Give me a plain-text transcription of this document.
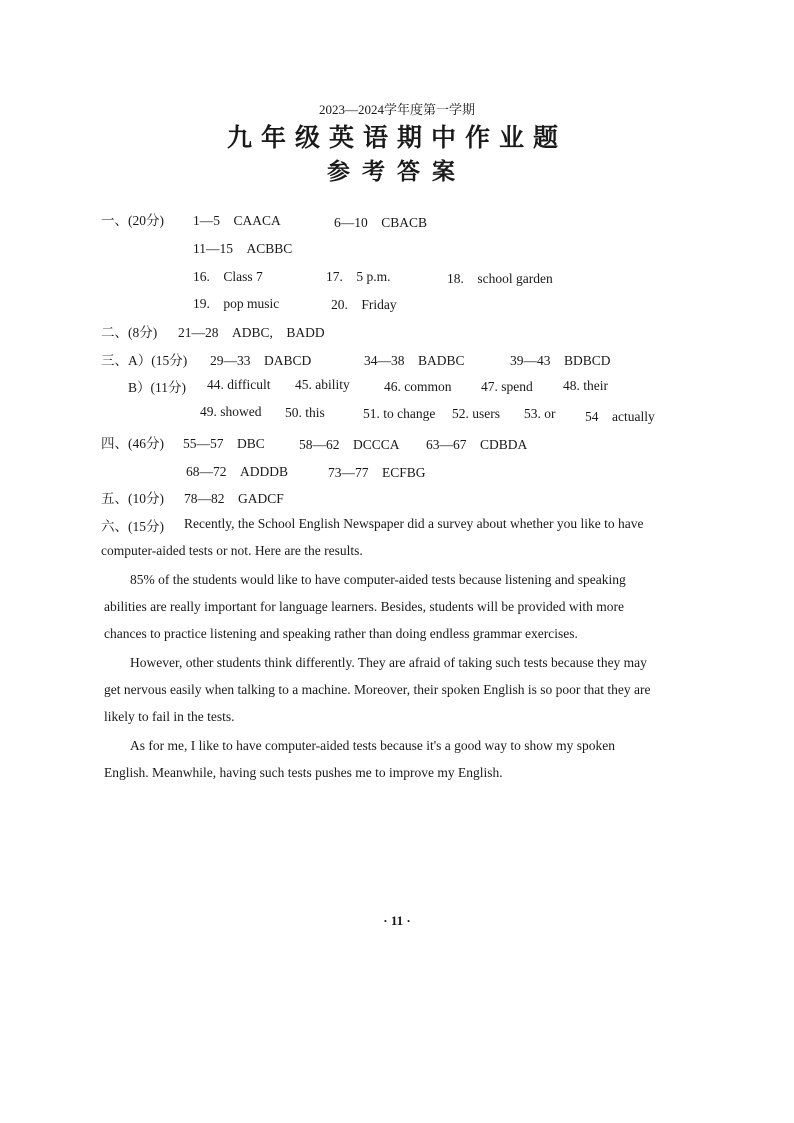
2023—2024学年度第一学期
九年级英语期中作业题
参考答案
一、(20分) 1—5　CAACA	6—10　CBACB
11—15　ACBBC
16.　Class 7	17.　5 p.m.	18.　school garden
19.　pop music	20.　Friday
二、(8分) 21—28　ADBC,　BADD
三、A）(15分) 29—33　DABCD	34—38　BADBC	39—43　BDBCD
B）(11分) 44. difficult 45. ability	46. common 47. spend 48. their
49. showed 50. this	51. to change 52. users 53. or 54　actually
四、(46分) 55—57　DBC	58—62　DCCCA 63—67　CDBDA
68—72　ADDDB	73—77　ECFBG
五、(10分) 78—82　GADCF
六、(15分) Recently, the School English Newspaper did a survey about whether you like to have
computer-aided tests or not. Here are the results.
85% of the students would like to have computer-aided tests because listening and speaking
abilities are really important for language learners. Besides, students will be provided with more
chances to practice listening and speaking rather than doing endless grammar exercises.
However, other students think differently. They are afraid of taking such tests because they may
get nervous easily when talking to a machine. Moreover, their spoken English is so poor that they are
likely to fail in the tests.
As for me, I like to have computer-aided tests because it's a good way to show my spoken
English. Meanwhile, having such tests pushes me to improve my English.
· 11 ·
